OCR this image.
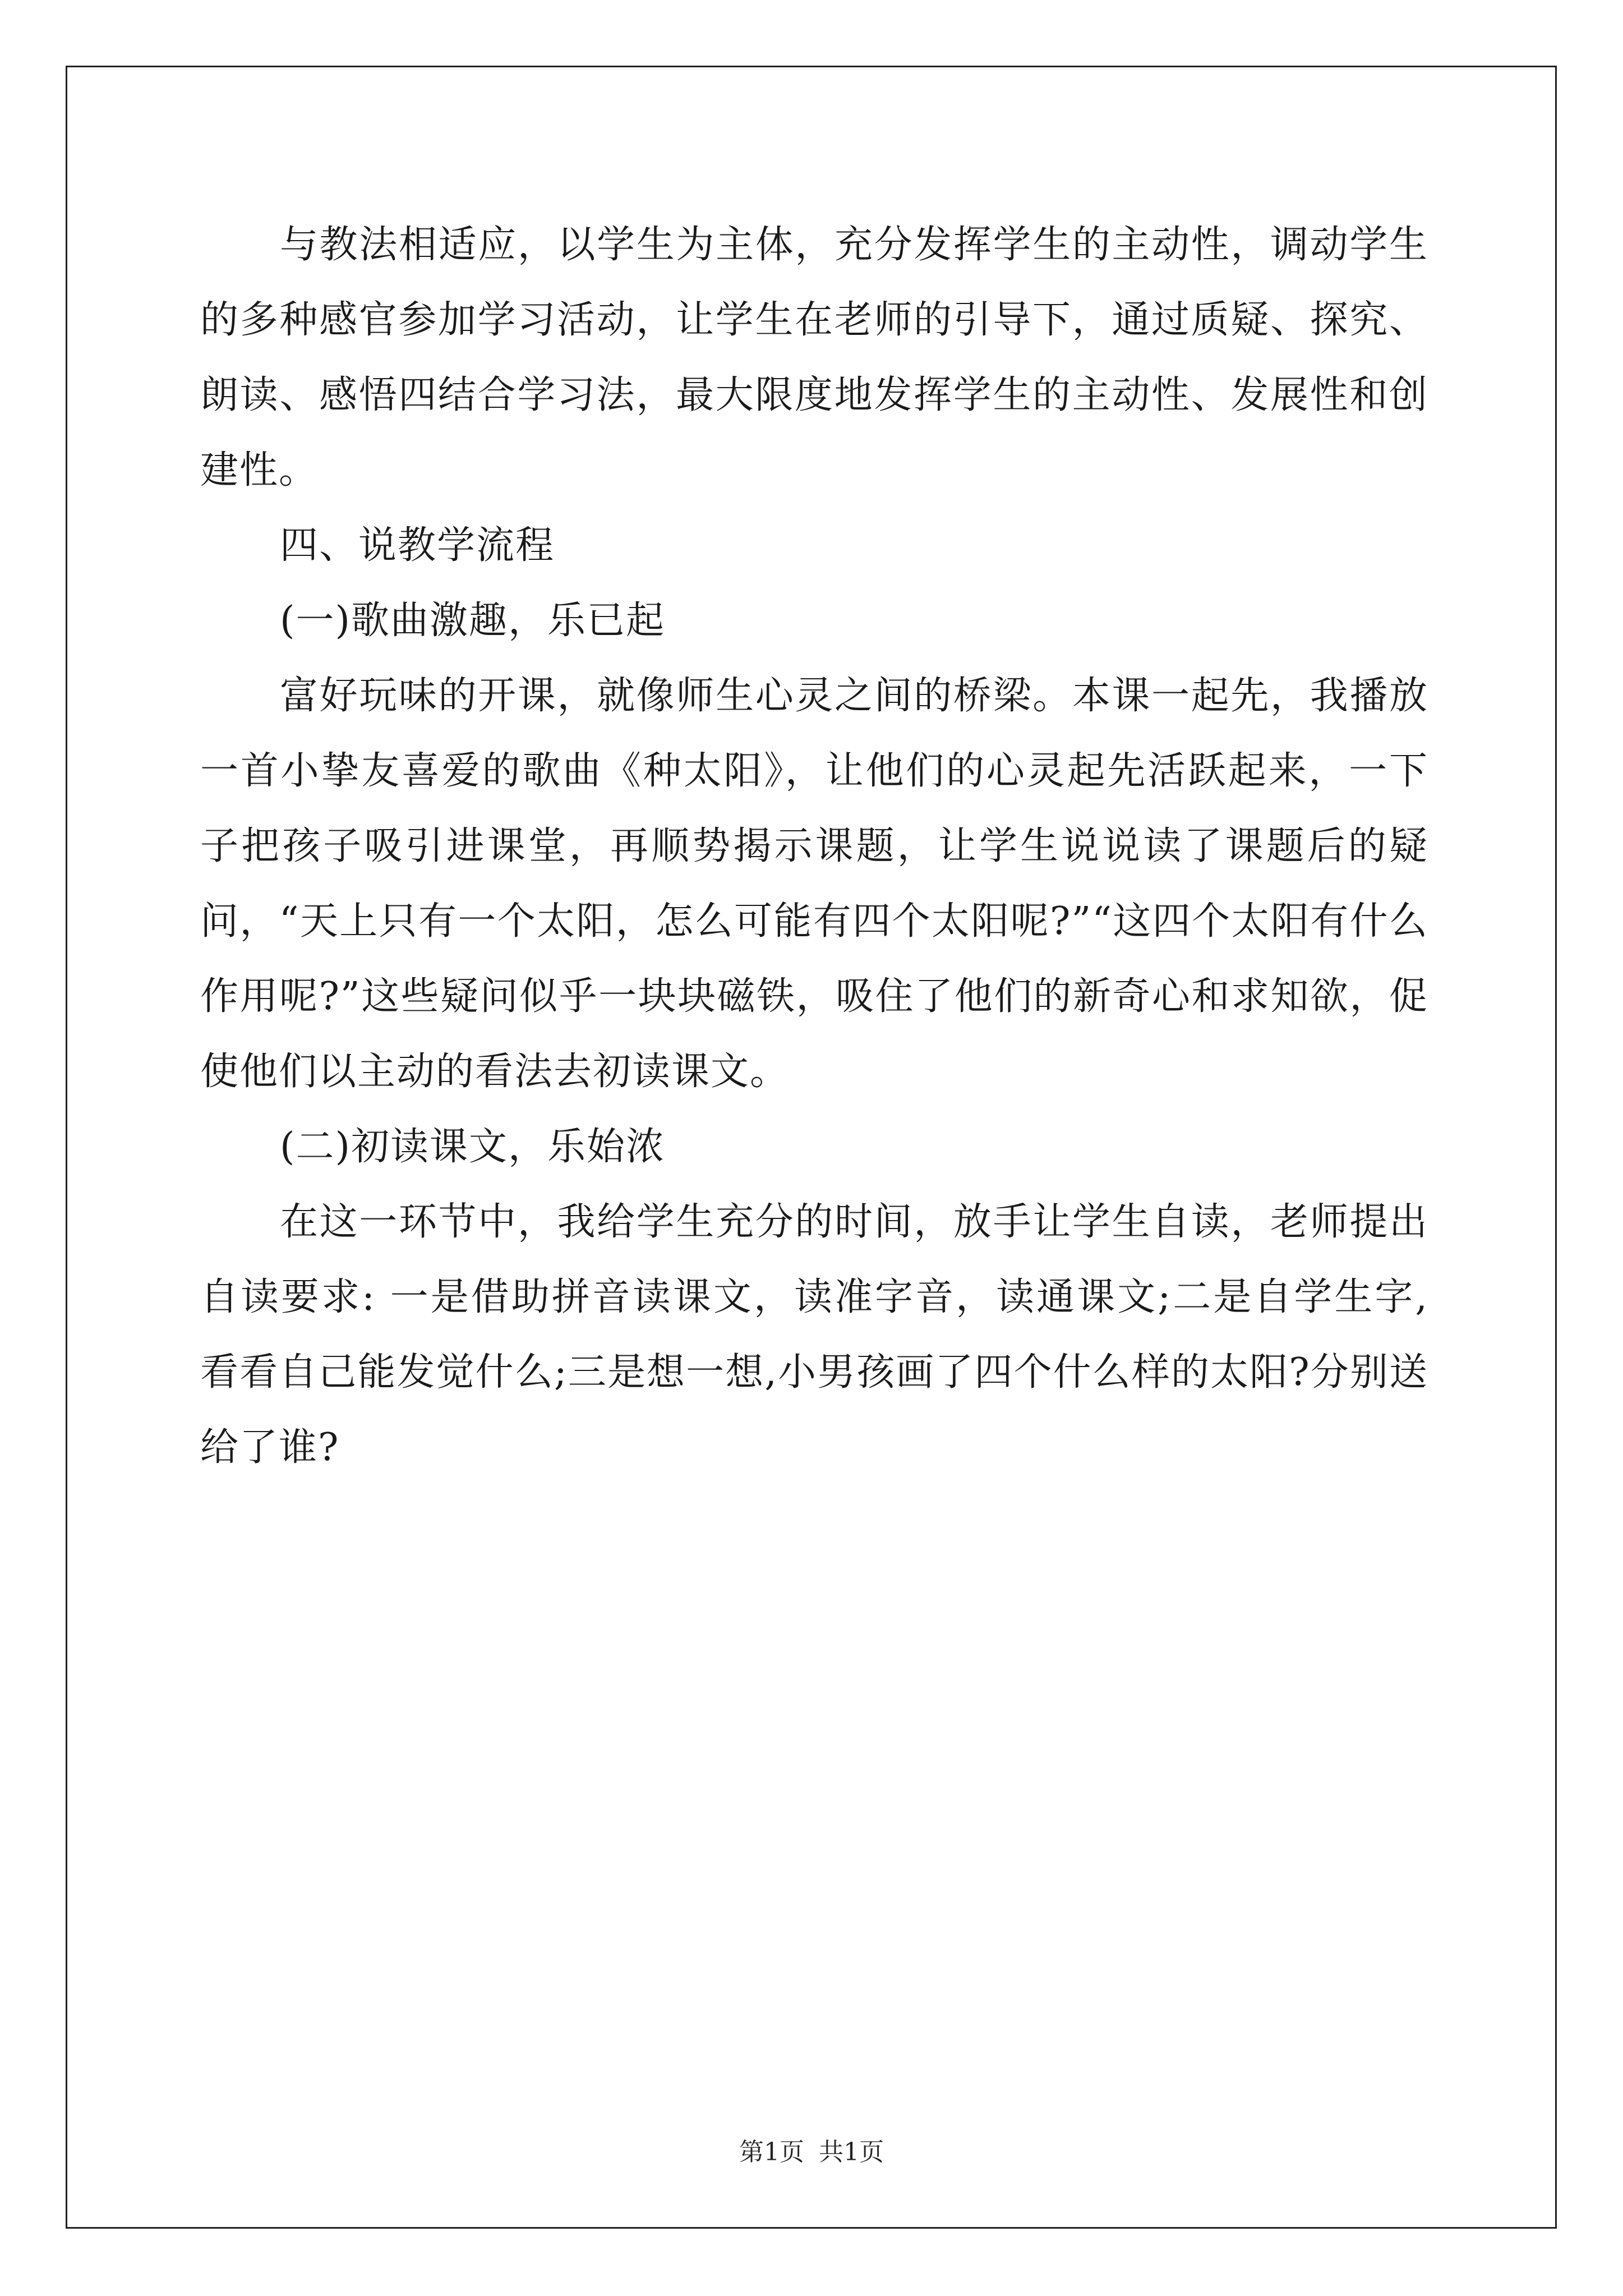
与教法相适应，以学生为主体，充分发挥学生的主动性，调动学生的多种感官参加学习活动，让学生在老师的引导下，通过质疑、探究、朗读、感悟四结合学习法，最大限度地发挥学生的主动性、发展性和创建性。

四、说教学流程

(一)歌曲激趣，乐已起

富好玩味的开课，就像师生心灵之间的桥梁。本课一起先，我播放一首小挚友喜爱的歌曲《种太阳》，让他们的心灵起先活跃起来，一下子把孩子吸引进课堂，再顺势揭示课题，让学生说说读了课题后的疑问，“天上只有一个太阳，怎么可能有四个太阳呢?”“这四个太阳有什么作用呢?”这些疑问似乎一块块磁铁，吸住了他们的新奇心和求知欲，促使他们以主动的看法去初读课文。

(二)初读课文，乐始浓

在这一环节中，我给学生充分的时间，放手让学生自读，老师提出自读要求: 一是借助拼音读课文，读准字音，读通课文;二是自学生字,看看自己能发觉什么;三是想一想,小男孩画了四个什么样的太阳?分别送给了谁?

第1页 共1页
